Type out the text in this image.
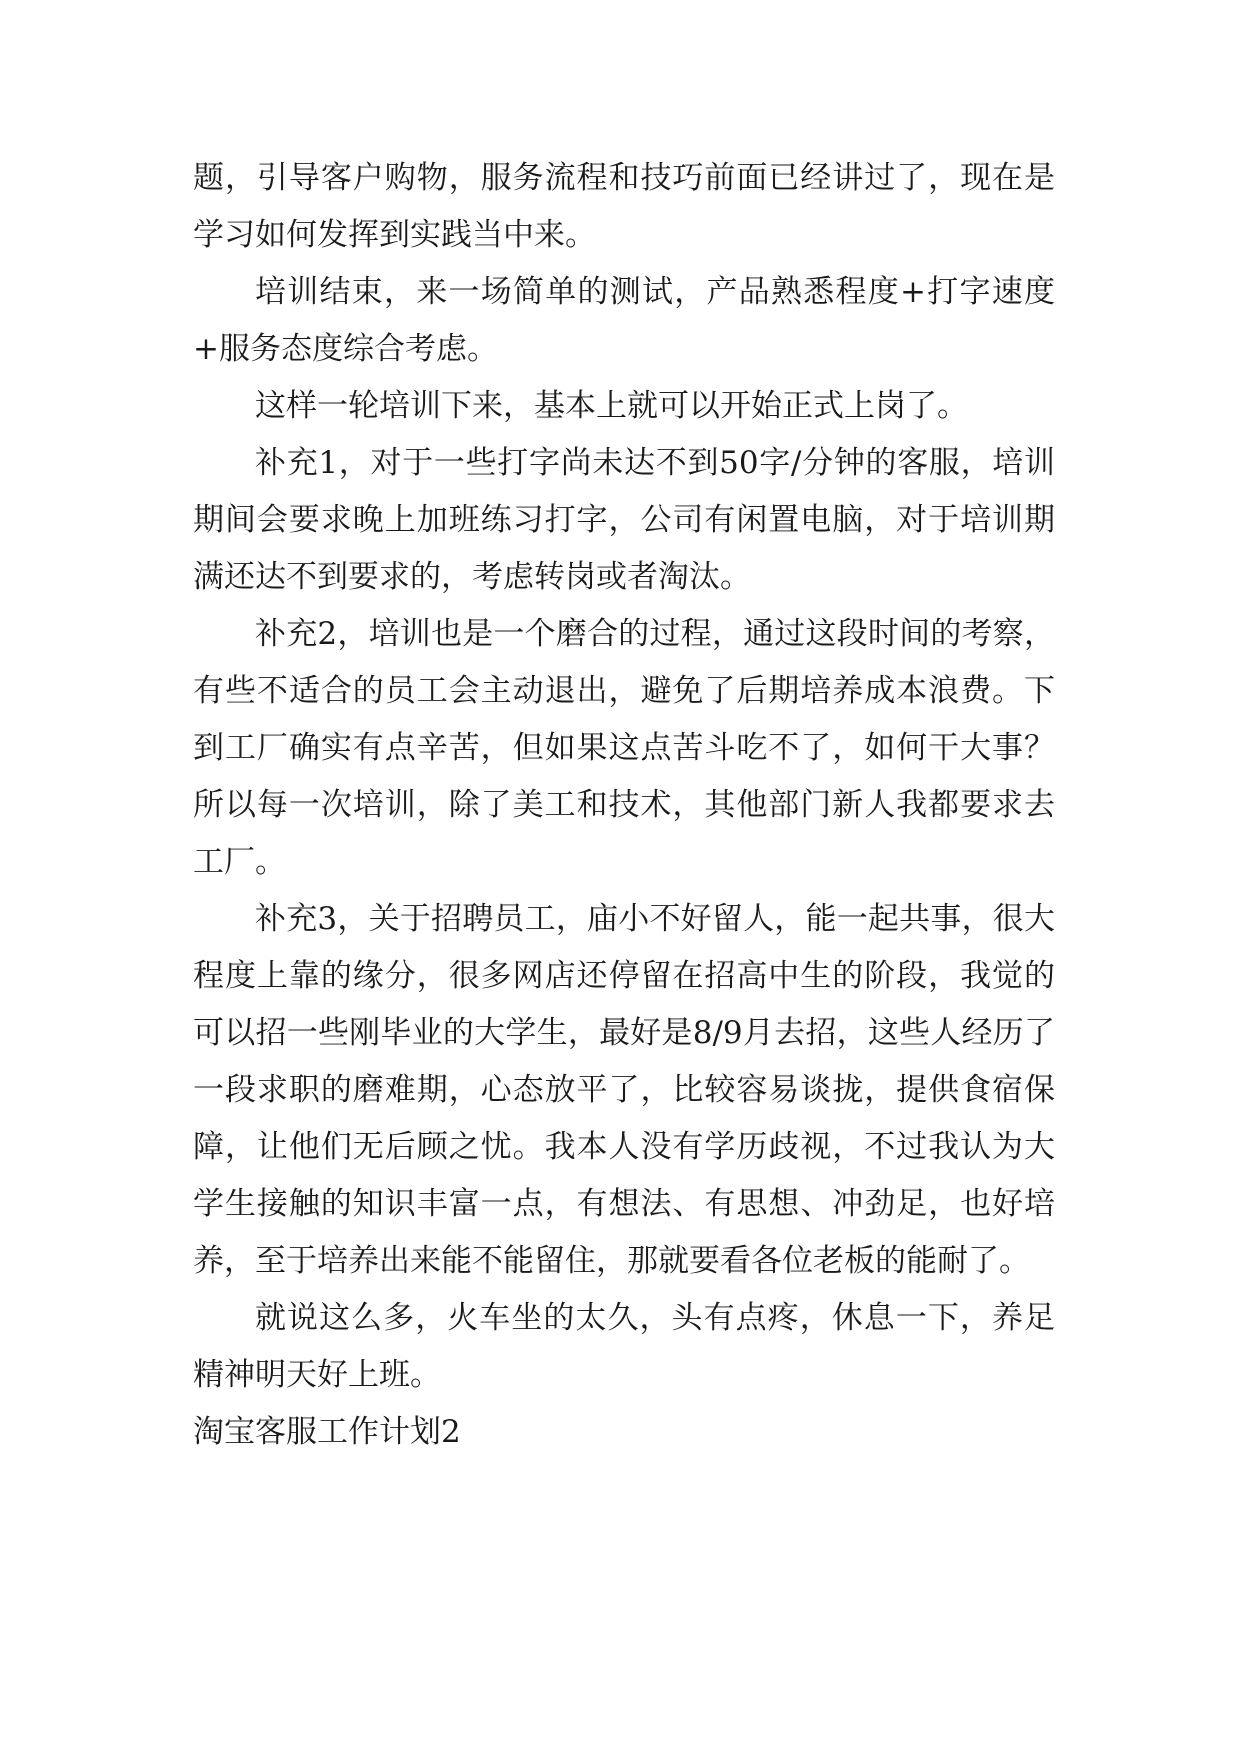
题，引导客户购物，服务流程和技巧前面已经讲过了，现在是学习如何发挥到实践当中来。

培训结束，来一场简单的测试，产品熟悉程度+打字速度+服务态度综合考虑。

这样一轮培训下来，基本上就可以开始正式上岗了。

补充1，对于一些打字尚未达不到50字/分钟的客服，培训期间会要求晚上加班练习打字，公司有闲置电脑，对于培训期满还达不到要求的，考虑转岗或者淘汰。

补充2，培训也是一个磨合的过程，通过这段时间的考察，有些不适合的员工会主动退出，避免了后期培养成本浪费。下到工厂确实有点辛苦，但如果这点苦斗吃不了，如何干大事？所以每一次培训，除了美工和技术，其他部门新人我都要求去工厂。

补充3，关于招聘员工，庙小不好留人，能一起共事，很大程度上靠的缘分，很多网店还停留在招高中生的阶段，我觉的可以招一些刚毕业的大学生，最好是8/9月去招，这些人经历了一段求职的磨难期，心态放平了，比较容易谈拢，提供食宿保障，让他们无后顾之忧。我本人没有学历歧视，不过我认为大学生接触的知识丰富一点，有想法、有思想、冲劲足，也好培养，至于培养出来能不能留住，那就要看各位老板的能耐了。

就说这么多，火车坐的太久，头有点疼，休息一下，养足精神明天好上班。

淘宝客服工作计划2
